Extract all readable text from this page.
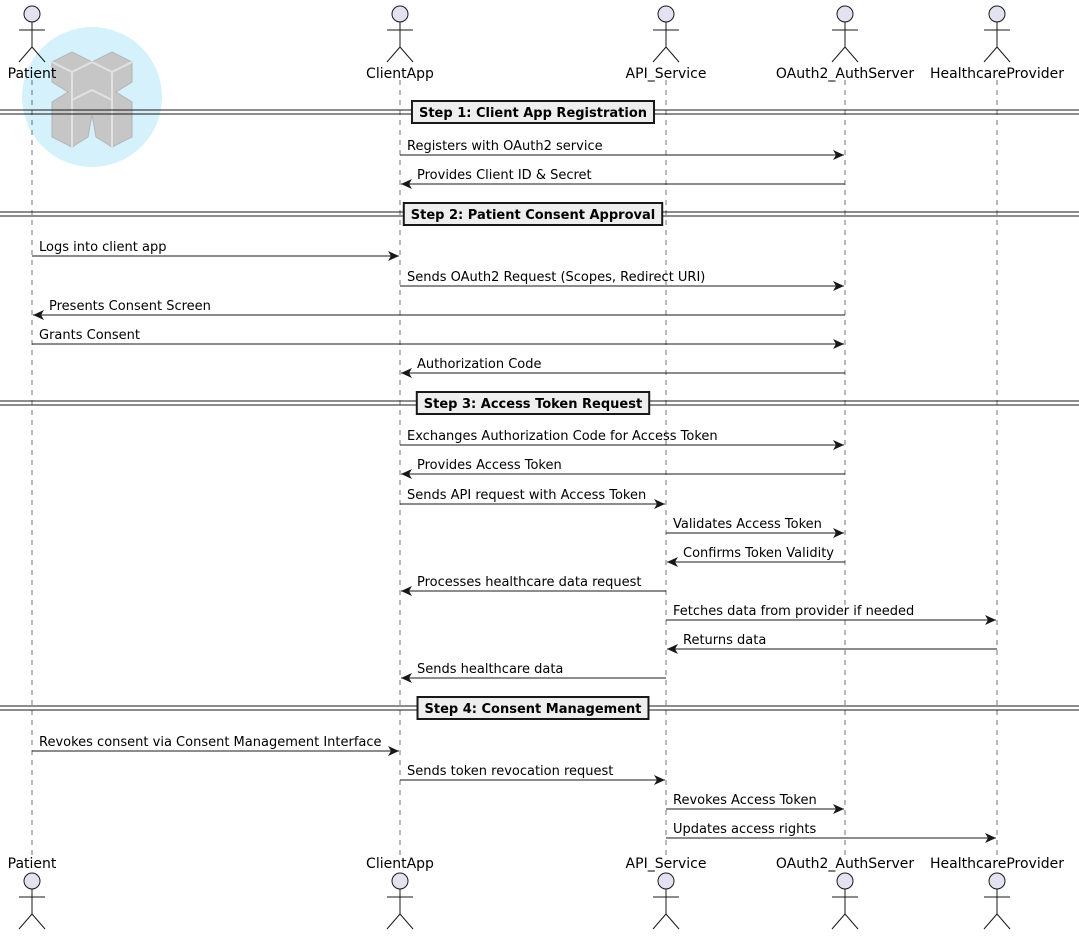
Patient	ClientApp	API_Service	OAuth2_AuthServer HealthcareProvider
Patient	ClientApp	API_Service	OAuth2_AuthServer HealthcareProvider
Step 1: Client App Registration
Registers with OAuth2 service
Provides Client ID & Secret
Step 2: Patient Consent Approval
Logs into client app
Sends OAuth2 Request (Scopes, Redirect URI)
Presents Consent Screen
Grants Consent
Authorization Code
Step 3: Access Token Request
Exchanges Authorization Code for Access Token
Provides Access Token
Sends API request with Access Token
Validates Access Token
Confirms Token Validity
Processes healthcare data request
Fetches data from provider if needed
Returns data
Sends healthcare data
Step 4: Consent Management
Revokes consent via Consent Management Interface
Sends token revocation request
Revokes Access Token
Updates access rights
